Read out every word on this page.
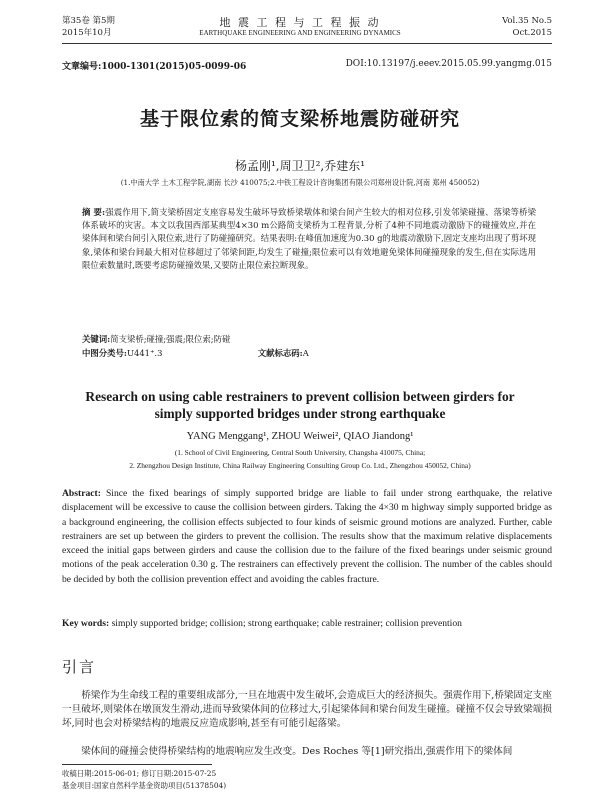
第35卷 第5期
2015年10月
地 震 工 程 与 工 程 振 动
EARTHQUAKE ENGINEERING AND ENGINEERING DYNAMICS
Vol.35 No.5
Oct.2015
文章编号:1000-1301(2015)05-0099-06	DOI:10.13197/j.eeev.2015.05.99.yangmg.015
基于限位索的简支梁桥地震防碰研究
杨孟刚¹,周卫卫²,乔建东¹
(1.中南大学 土木工程学院,湖南 长沙 410075;2.中铁工程设计咨询集团有限公司郑州设计院,河南 郑州 450052)
摘 要:强震作用下,简支梁桥固定支座容易发生破坏导致桥梁墩体和梁台间产生较大的相对位移,引发邻梁碰撞、落梁等桥梁体系破坏的灾害。本文以我国西部某典型4×30 m公路简支梁桥为工程背景,分析了4种不同地震动激励下的碰撞效应,并在梁体间和梁台间引入限位索,进行了防碰撞研究。结果表明:在峰值加速度为0.30 g的地震动激励下,固定支座均出现了剪坏现象,梁体和梁台间最大相对位移超过了邻梁间距,均发生了碰撞;限位索可以有效地避免梁体间碰撞现象的发生,但在实际选用限位索数量时,既要考虑防碰撞效果,又要防止限位索拉断现象。
关键词:简支梁桥;碰撞;强震;限位索;防碰
中图分类号:U441⁺.3	文献标志码:A
Research on using cable restrainers to prevent collision between girders for
simply supported bridges under strong earthquake
YANG Menggang¹, ZHOU Weiwei², QIAO Jiandong¹
(1. School of Civil Engineering, Central South University, Changsha 410075, China;
2. Zhengzhou Design Institute, China Railway Engineering Consulting Group Co. Ltd., Zhengzhou 450052, China)
Abstract: Since the fixed bearings of simply supported bridge are liable to fail under strong earthquake, the relative displacement will be excessive to cause the collision between girders. Taking the 4×30 m highway simply supported bridge as a background engineering, the collision effects subjected to four kinds of seismic ground motions are analyzed. Further, cable restrainers are set up between the girders to prevent the collision. The results show that the maximum relative displacements exceed the initial gaps between girders and cause the collision due to the failure of the fixed bearings under seismic ground motions of the peak acceleration 0.30 g. The restrainers can effectively prevent the collision. The number of the cables should be decided by both the collision prevention effect and avoiding the cables fracture.
Key words: simply supported bridge; collision; strong earthquake; cable restrainer; collision prevention
引言
桥梁作为生命线工程的重要组成部分,一旦在地震中发生破坏,会造成巨大的经济损失。强震作用下,桥梁固定支座一旦破坏,则梁体在墩顶发生滑动,进而导致梁体间的位移过大,引起梁体间和梁台间发生碰撞。碰撞不仅会导致梁端损坏,同时也会对桥梁结构的地震反应造成影响,甚至有可能引起落梁。
梁体间的碰撞会使得桥梁结构的地震响应发生改变。Des Roches 等[1]研究指出,强震作用下的梁体间
收稿日期:2015-06-01; 修订日期:2015-07-25
基金项目:国家自然科学基金资助项目(51378504)
